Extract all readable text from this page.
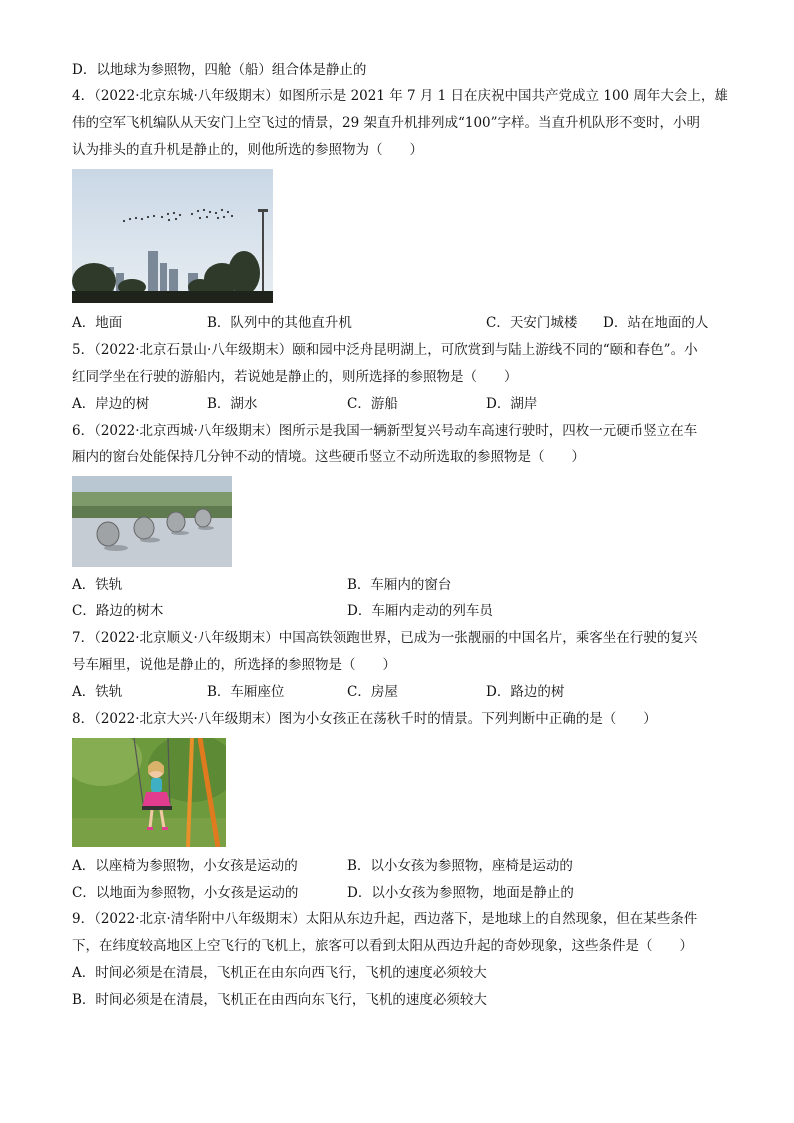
D．以地球为参照物，四舱（船）组合体是静止的
4．（2022·北京东城·八年级期末）如图所示是 2021 年 7 月 1 日在庆祝中国共产党成立 100 周年大会上，雄
伟的空军飞机编队从天安门上空飞过的情景，29 架直升机排列成“100”字样。当直升机队形不变时，小明
认为排头的直升机是静止的，则他所选的参照物为（　　）
A．地面	B．队列中的其他直升机	C．天安门城楼 D．站在地面的人
5．（2022·北京石景山·八年级期末）颐和园中泛舟昆明湖上，可欣赏到与陆上游线不同的“颐和春色”。小
红同学坐在行驶的游船内，若说她是静止的，则所选择的参照物是（　　）
A．岸边的树	B．湖水	C．游船	D．湖岸
6．（2022·北京西城·八年级期末）图所示是我国一辆新型复兴号动车高速行驶时，四枚一元硬币竖立在车
厢内的窗台处能保持几分钟不动的情境。这些硬币竖立不动所选取的参照物是（　　）
A．铁轨	B．车厢内的窗台
C．路边的树木	D．车厢内走动的列车员
7．（2022·北京顺义·八年级期末）中国高铁领跑世界，已成为一张靓丽的中国名片，乘客坐在行驶的复兴
号车厢里，说他是静止的，所选择的参照物是（　　）
A．铁轨	B．车厢座位	C．房屋	D．路边的树
8．（2022·北京大兴·八年级期末）图为小女孩正在荡秋千时的情景。下列判断中正确的是（　　）
A．以座椅为参照物，小女孩是运动的	B．以小女孩为参照物，座椅是运动的
C．以地面为参照物，小女孩是运动的	D．以小女孩为参照物，地面是静止的
9．（2022·北京·清华附中八年级期末）太阳从东边升起，西边落下，是地球上的自然现象，但在某些条件
下，在纬度较高地区上空飞行的飞机上，旅客可以看到太阳从西边升起的奇妙现象，这些条件是（　　）
A．时间必须是在清晨，飞机正在由东向西飞行，飞机的速度必须较大
B．时间必须是在清晨，飞机正在由西向东飞行，飞机的速度必须较大
